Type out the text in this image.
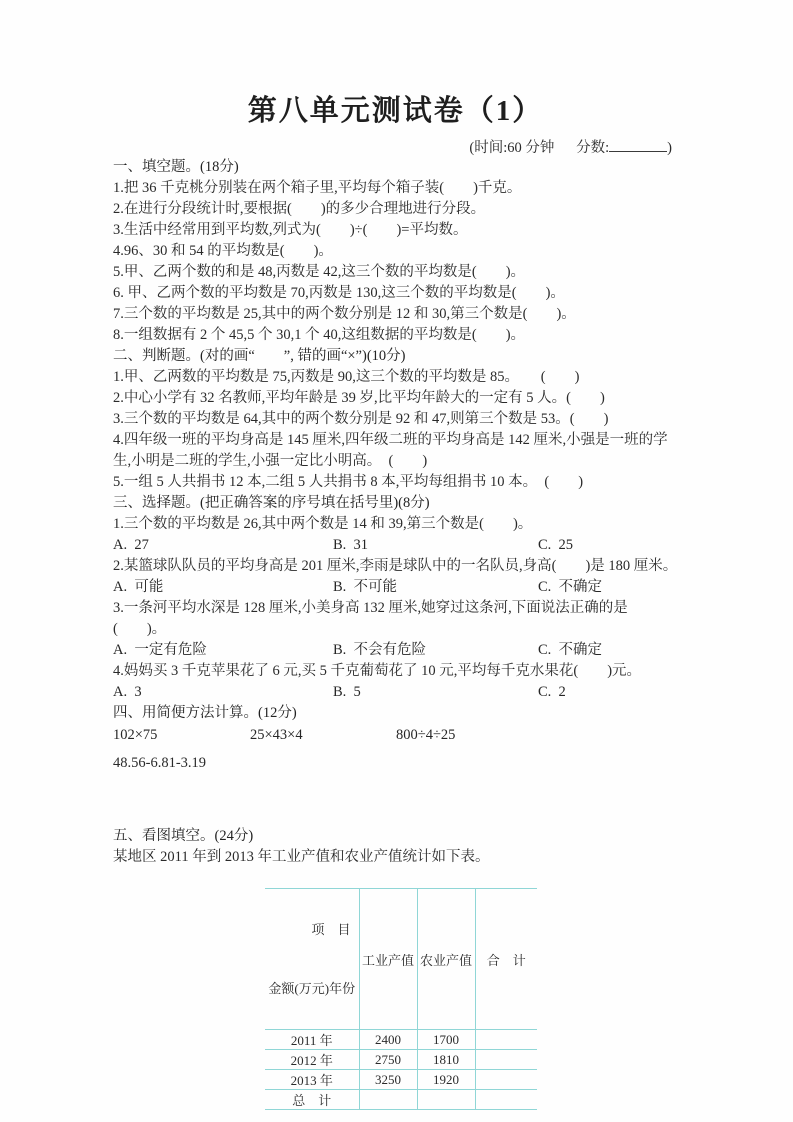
第八单元测试卷（1）
(时间:60 分钟 分数:	)
一、填空题。(18分)
1.把 36 千克桃分别装在两个箱子里,平均每个箱子装(　　)千克。
2.在进行分段统计时,要根据(　　)的多少合理地进行分段。
3.生活中经常用到平均数,列式为(　　)÷(　　)=平均数。
4.96、30 和 54 的平均数是(　　)。
5.甲、乙两个数的和是 48,丙数是 42,这三个数的平均数是(　　)。
6. 甲、乙两个数的平均数是 70,丙数是 130,这三个数的平均数是(　　)。
7.三个数的平均数是 25,其中的两个数分别是 12 和 30,第三个数是(　　)。
8.一组数据有 2 个 45,5 个 30,1 个 40,这组数据的平均数是(　　)。
二、判断题。(对的画“　　”, 错的画“×”)(10分)
1.甲、乙两数的平均数是 75,丙数是 90,这三个数的平均数是 85。　　(　　)
2.中心小学有 32 名教师,平均年龄是 39 岁,比平均年龄大的一定有 5 人。(　　)
3.三个数的平均数是 64,其中的两个数分别是 92 和 47,则第三个数是 53。(　　)
4.四年级一班的平均身高是 145 厘米,四年级二班的平均身高是 142 厘米,小强是一班的学生,小明是二班的学生,小强一定比小明高。　(　　)
5.一组 5 人共捐书 12 本,二组 5 人共捐书 8 本,平均每组捐书 10 本。　(　　)
三、选择题。(把正确答案的序号填在括号里)(8分)
1.三个数的平均数是 26,其中两个数是 14 和 39,第三个数是(　　)。
A.  27	B.  31	C.  25
2.某篮球队队员的平均身高是 201 厘米,李雨是球队中的一名队员,身高(　　)是 180 厘米。
A.  可能	B.  不可能	C.  不确定
3.一条河平均水深是 128 厘米,小美身高 132 厘米,她穿过这条河,下面说法正确的是(　　)。
A.  一定有危险	B.  不会有危险	C.  不确定
4.妈妈买 3 千克苹果花了 6 元,买 5 千克葡萄花了 10 元,平均每千克水果花(　　)元。
A.  3	B.  5	C.  2
四、用简便方法计算。(12分)
102×75	25×43×4	800÷4÷25
48.56-6.81-3.19
五、看图填空。(24分)
某地区 2011 年到 2013 年工业产值和农业产值统计如下表。

项　目

金额(万元)年份	工业产值	农业产值	合　计
2011 年	2400	1700	
2012 年	2750	1810	
2013 年	3250	1920	
总　计			
